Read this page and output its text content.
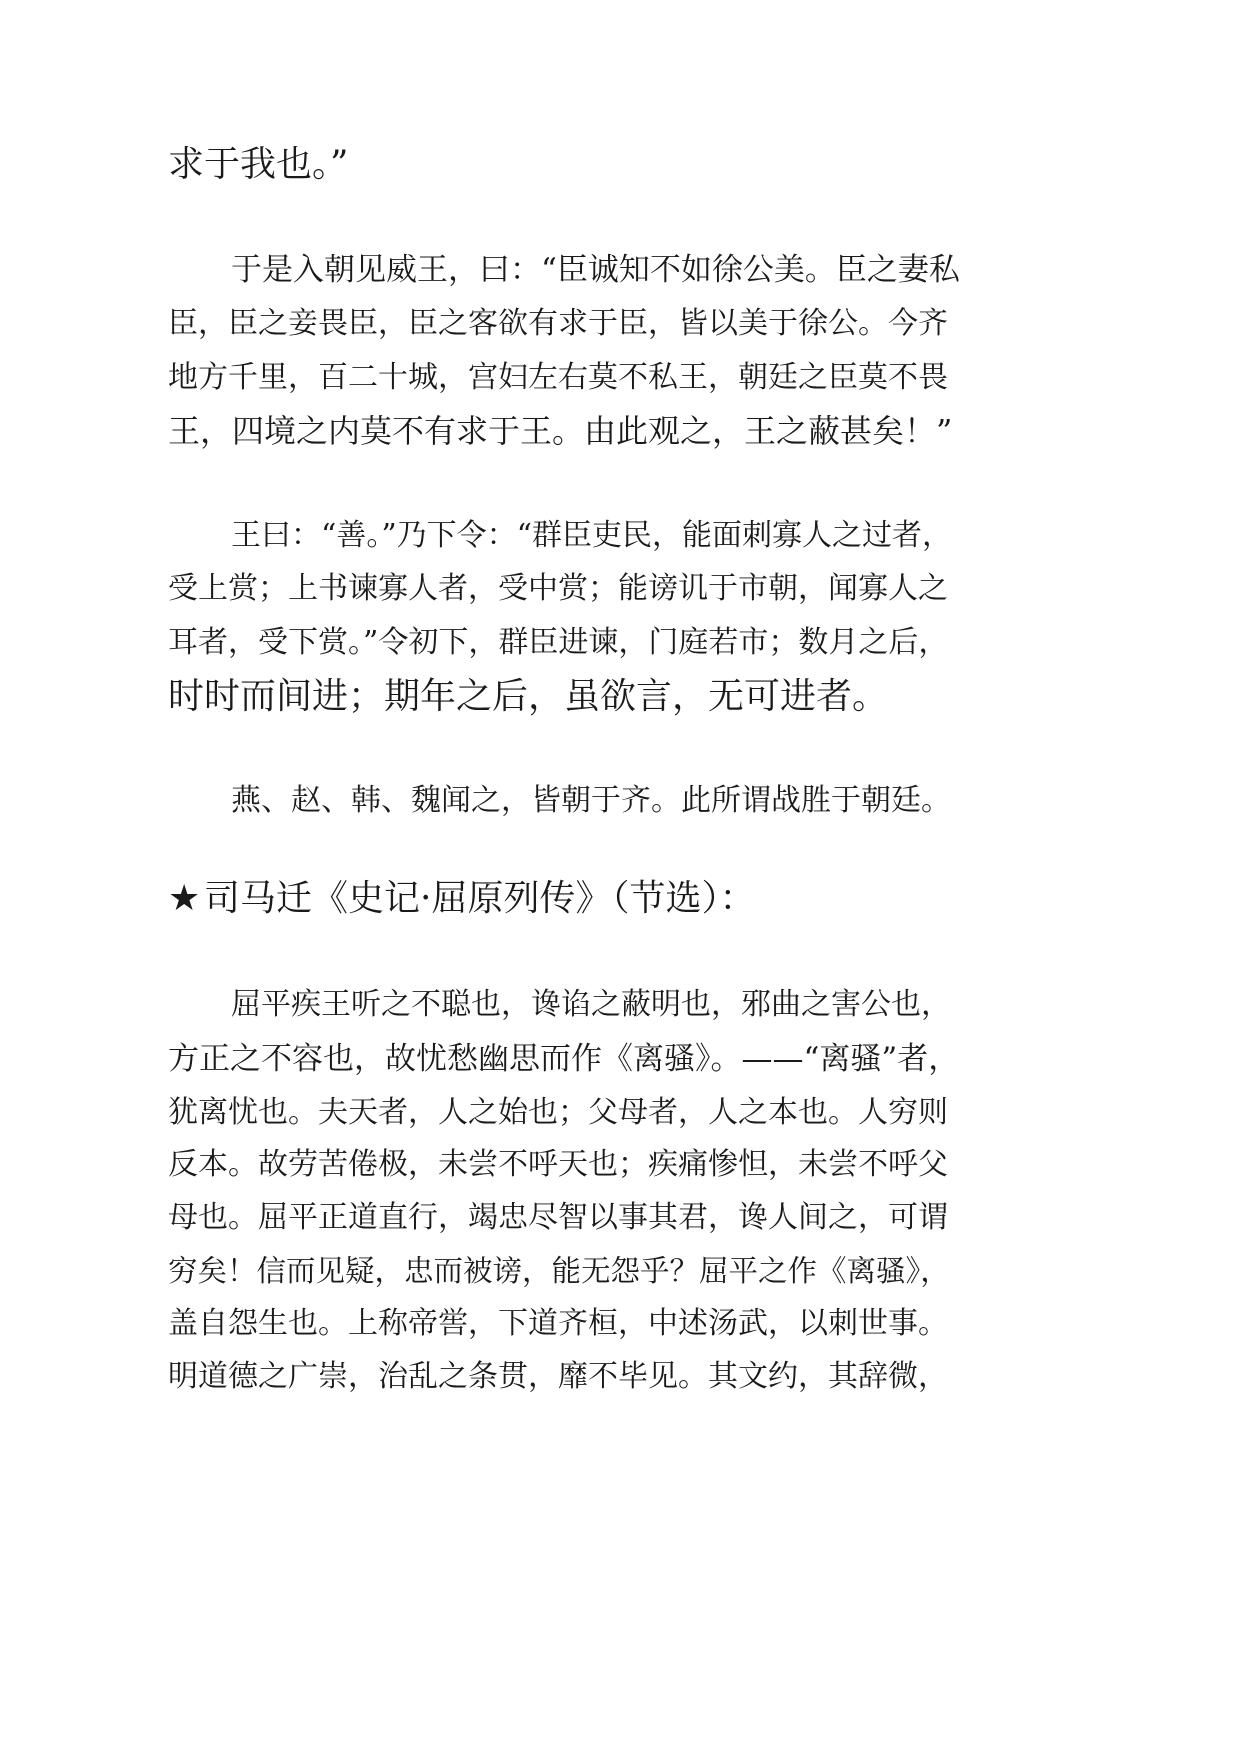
求于我也。”
于是入朝见威王，曰：“臣诚知不如徐公美。臣之妻私
臣，臣之妾畏臣，臣之客欲有求于臣，皆以美于徐公。今齐
地方千里，百二十城，宫妇左右莫不私王，朝廷之臣莫不畏
王，四境之内莫不有求于王。由此观之，王之蔽甚矣！”
王曰：“善。”乃下令：“群臣吏民，能面刺寡人之过者，
受上赏；上书谏寡人者，受中赏；能谤讥于市朝，闻寡人之
耳者，受下赏。”令初下，群臣进谏，门庭若市；数月之后，
时时而间进；期年之后，虽欲言，无可进者。
燕、赵、韩、魏闻之，皆朝于齐。此所谓战胜于朝廷。
★ 司马迁《史记·屈原列传》（节选）：
屈平疾王听之不聪也，谗谄之蔽明也，邪曲之害公也，
方正之不容也，故忧愁幽思而作《离骚》。——“离骚”者，
犹离忧也。夫天者，人之始也；父母者，人之本也。人穷则
反本。故劳苦倦极，未尝不呼天也；疾痛惨怛，未尝不呼父
母也。屈平正道直行，竭忠尽智以事其君，谗人间之，可谓
穷矣！信而见疑，忠而被谤，能无怨乎？屈平之作《离骚》，
盖自怨生也。上称帝喾，下道齐桓，中述汤武，以刺世事。
明道德之广崇，治乱之条贯，靡不毕见。其文约，其辞微，
